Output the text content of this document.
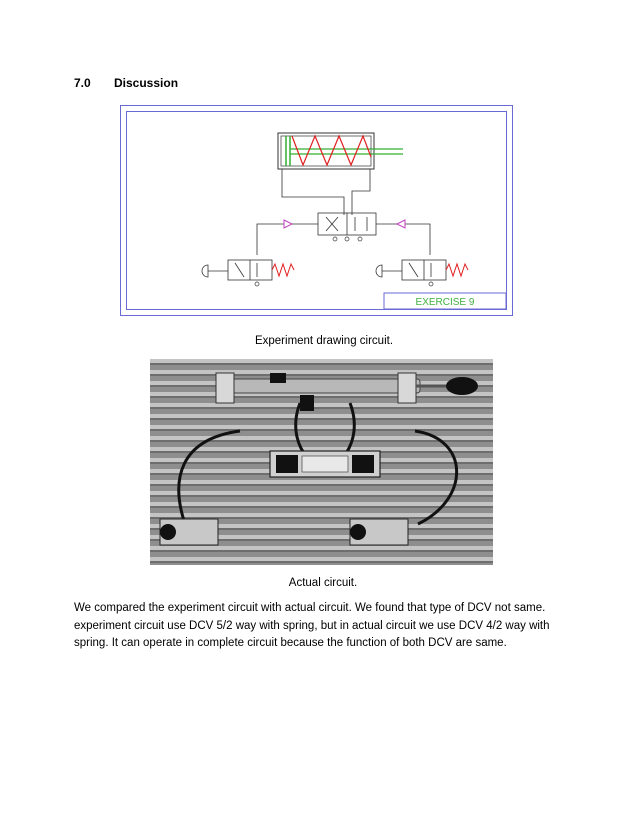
7.0 Discussion
EXERCISE 9
Experiment drawing circuit.
Actual circuit.
We compared the experiment circuit with actual circuit. We found that type of DCV not same. experiment circuit use DCV 5/2 way with spring, but in actual circuit we use DCV 4/2 way with spring. It can operate in complete circuit because the function of both DCV are same.
